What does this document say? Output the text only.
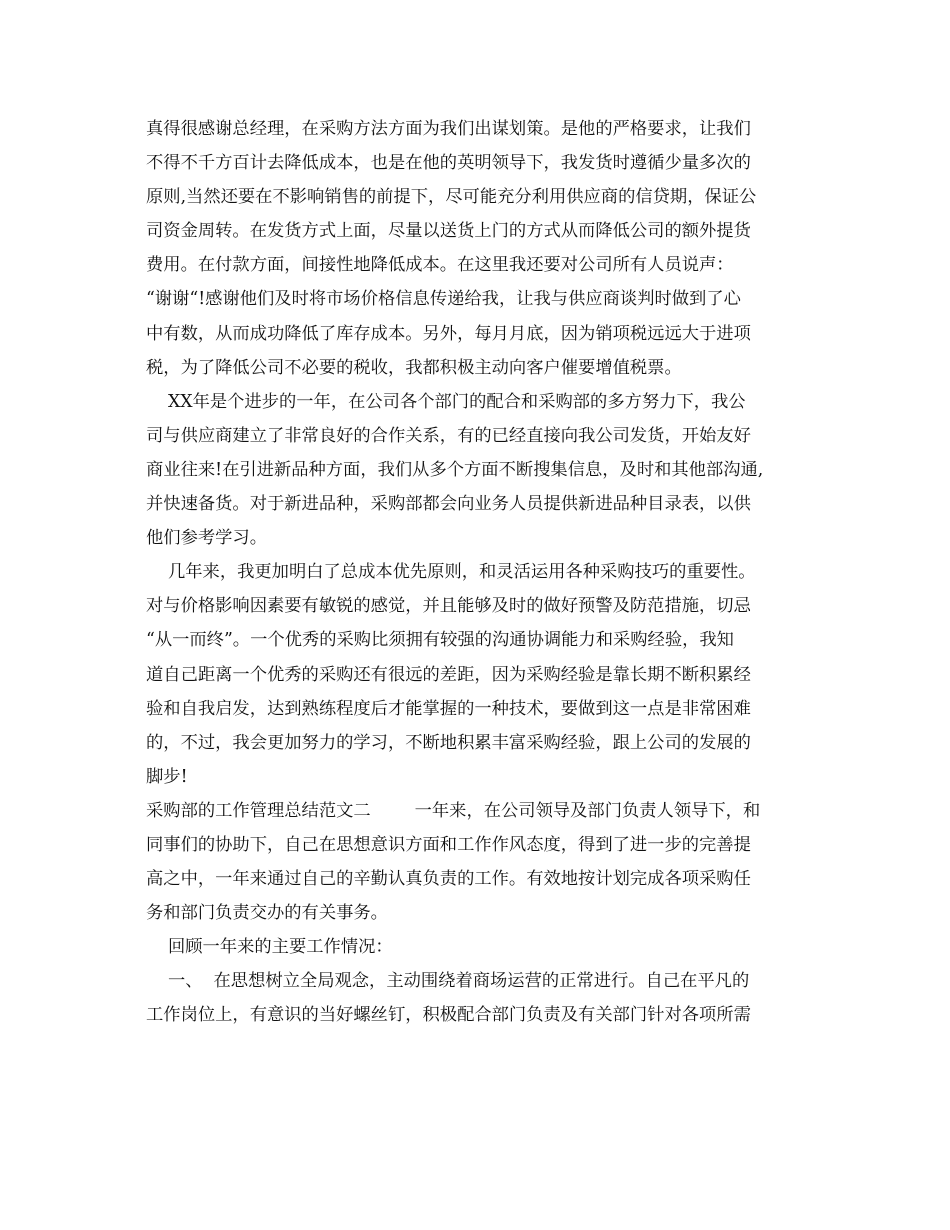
真得很感谢总经理，在采购方法方面为我们出谋划策。是他的严格要求，让我们
不得不千方百计去降低成本，也是在他的英明领导下，我发货时遵循少量多次的
原则,当然还要在不影响销售的前提下，尽可能充分利用供应商的信贷期，保证公
司资金周转。在发货方式上面，尽量以送货上门的方式从而降低公司的额外提货
费用。在付款方面，间接性地降低成本。在这里我还要对公司所有人员说声：
“谢谢“!感谢他们及时将市场价格信息传递给我，让我与供应商谈判时做到了心
中有数，从而成功降低了库存成本。另外，每月月底，因为销项税远远大于进项
税，为了降低公司不必要的税收，我都积极主动向客户催要增值税票。
XX年是个进步的一年，在公司各个部门的配合和采购部的多方努力下，我公
司与供应商建立了非常良好的合作关系，有的已经直接向我公司发货，开始友好
商业往来!在引进新品种方面，我们从多个方面不断搜集信息，及时和其他部沟通,
并快速备货。对于新进品种，采购部都会向业务人员提供新进品种目录表，以供
他们参考学习。
几年来，我更加明白了总成本优先原则，和灵活运用各种采购技巧的重要性。
对与价格影响因素要有敏锐的感觉，并且能够及时的做好预警及防范措施，切忌
“从一而终”。一个优秀的采购比须拥有较强的沟通协调能力和采购经验，我知
道自己距离一个优秀的采购还有很远的差距，因为采购经验是靠长期不断积累经
验和自我启发，达到熟练程度后才能掌握的一种技术，要做到这一点是非常困难
的，不过，我会更加努力的学习，不断地积累丰富采购经验，跟上公司的发展的
脚步!
采购部的工作管理总结范文二        一年来，在公司领导及部门负责人领导下，和
同事们的协助下，自己在思想意识方面和工作作风态度，得到了进一步的完善提
高之中，一年来通过自己的辛勤认真负责的工作。有效地按计划完成各项采购任
务和部门负责交办的有关事务。
回顾一年来的主要工作情况：
一、  在思想树立全局观念，主动围绕着商场运营的正常进行。自己在平凡的
工作岗位上，有意识的当好螺丝钉，积极配合部门负责及有关部门针对各项所需
